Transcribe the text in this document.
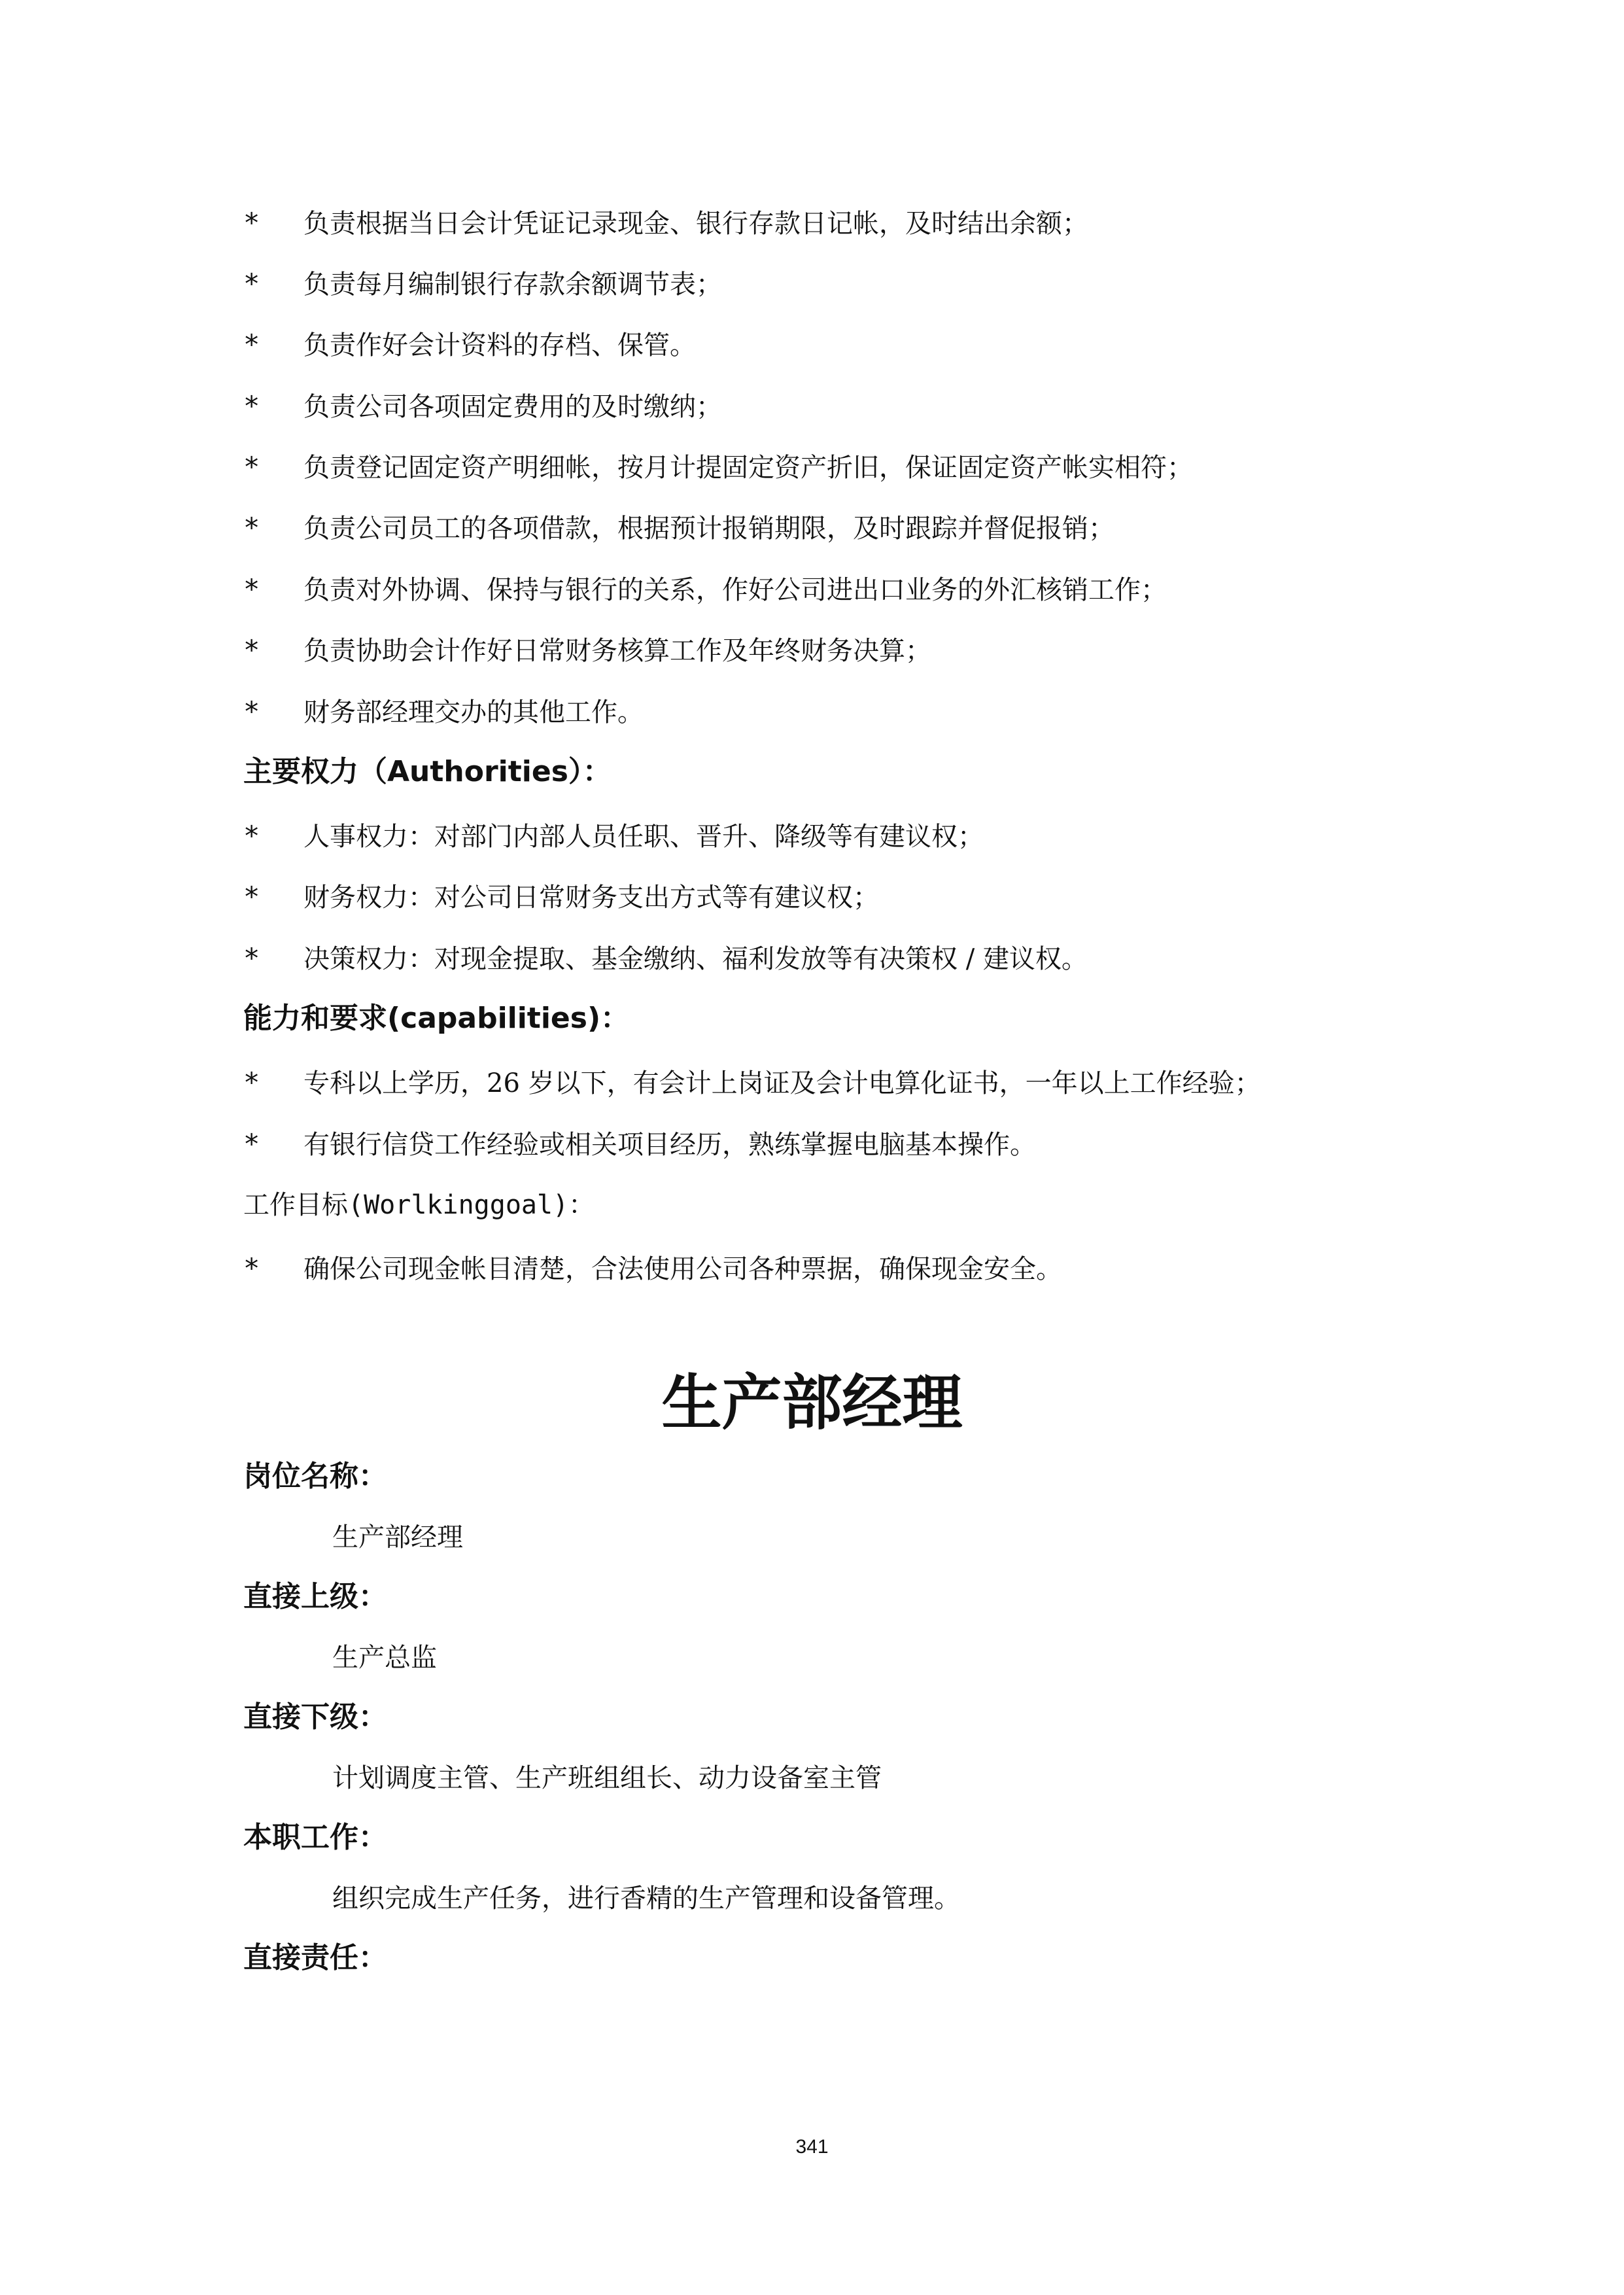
* 负责根据当日会计凭证记录现金、银行存款日记帐，及时结出余额；
* 负责每月编制银行存款余额调节表；
* 负责作好会计资料的存档、保管。
* 负责公司各项固定费用的及时缴纳；
* 负责登记固定资产明细帐，按月计提固定资产折旧，保证固定资产帐实相符；
* 负责公司员工的各项借款，根据预计报销期限，及时跟踪并督促报销；
* 负责对外协调、保持与银行的关系，作好公司进出口业务的外汇核销工作；
* 负责协助会计作好日常财务核算工作及年终财务决算；
* 财务部经理交办的其他工作。
主要权力（Authorities）：
* 人事权力：对部门内部人员任职、晋升、降级等有建议权；
* 财务权力：对公司日常财务支出方式等有建议权；
* 决策权力：对现金提取、基金缴纳、福利发放等有决策权 / 建议权。
能力和要求(capabilities)：
* 专科以上学历，26 岁以下，有会计上岗证及会计电算化证书，一年以上工作经验；
* 有银行信贷工作经验或相关项目经历，熟练掌握电脑基本操作。
工作目标(Worlkinggoal)：
* 确保公司现金帐目清楚，合法使用公司各种票据，确保现金安全。
生产部经理
岗位名称：
生产部经理
直接上级：
生产总监
直接下级：
计划调度主管、生产班组组长、动力设备室主管
本职工作：
组织完成生产任务，进行香精的生产管理和设备管理。
直接责任：
341
